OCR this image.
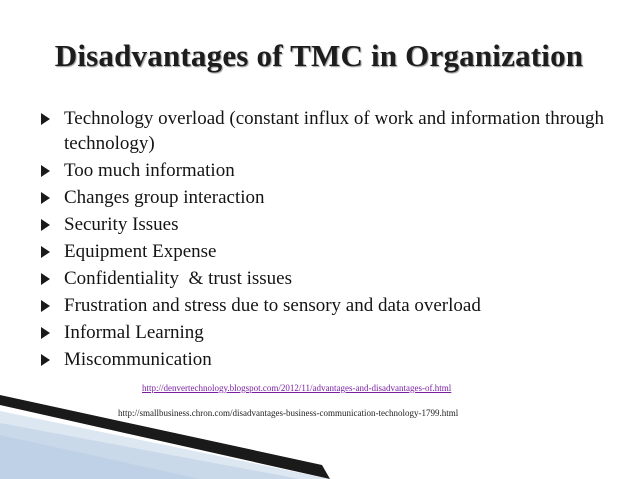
Disadvantages of TMC in Organization
Technology overload (constant influx of work and information through technology)
Too much information
Changes group interaction
Security Issues
Equipment Expense
Confidentiality  & trust issues
Frustration and stress due to sensory and data overload
Informal Learning
Miscommunication
http://denvertechnology.blogspot.com/2012/11/advantages-and-disadvantages-of.html
http://smallbusiness.chron.com/disadvantages-business-communication-technology-1799.html
